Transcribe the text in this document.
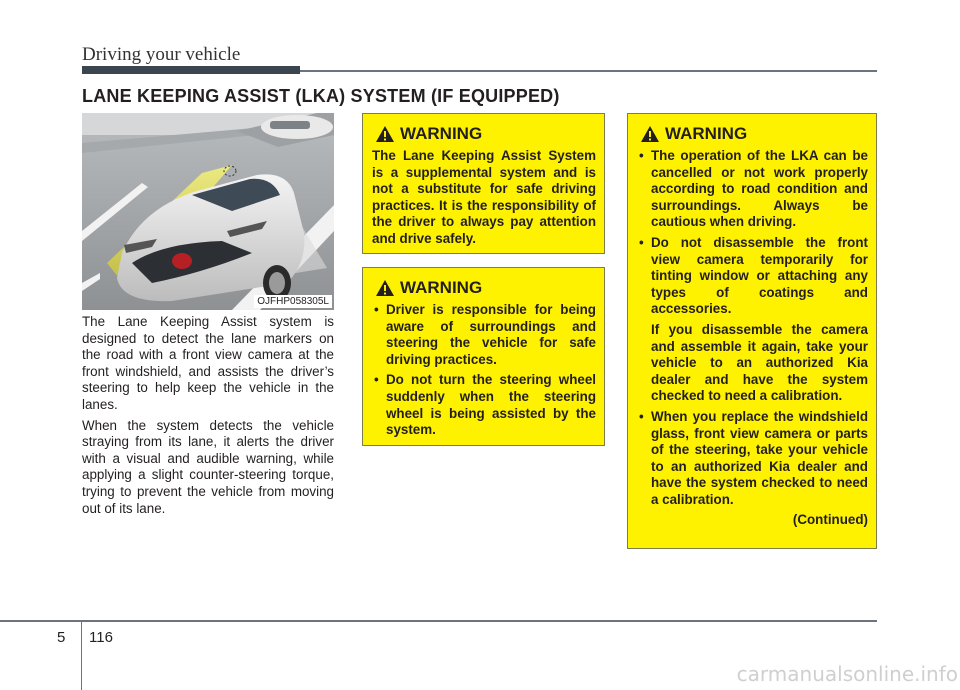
Driving your vehicle
LANE KEEPING ASSIST (LKA) SYSTEM (IF EQUIPPED)
OJFHP058305L

The Lane Keeping Assist system is designed to detect the lane markers on the road with a front view camera at the front windshield, and assists the driver’s steering to help keep the vehicle in the lanes.

When the system detects the vehicle straying from its lane, it alerts the driver with a visual and audible warning, while applying a slight counter-steering torque, trying to prevent the vehicle from moving out of its lane.

WARNING

The Lane Keeping Assist System is a supplemental system and is not a substitute for safe driving practices. It is the responsibility of the driver to always pay attention and drive safely.

WARNING
• Driver is responsible for being aware of surroundings and steering the vehicle for safe driving practices.
• Do not turn the steering wheel suddenly when the steering wheel is being assisted by the system.
WARNING
• The operation of the LKA can be cancelled or not work properly according to road condition and surroundings. Always be cautious when driving.
• Do not disassemble the front view camera temporarily for tinting window or attaching any types of coatings and accessories.

If you disassemble the camera and assemble it again, take your vehicle to an authorized Kia dealer and have the system checked to need a calibration.

• When you replace the windshield glass, front view camera or parts of the steering, take your vehicle to an authorized Kia dealer and have the system checked to need a calibration.
(Continued)
5 116
carmanualsonline.info
